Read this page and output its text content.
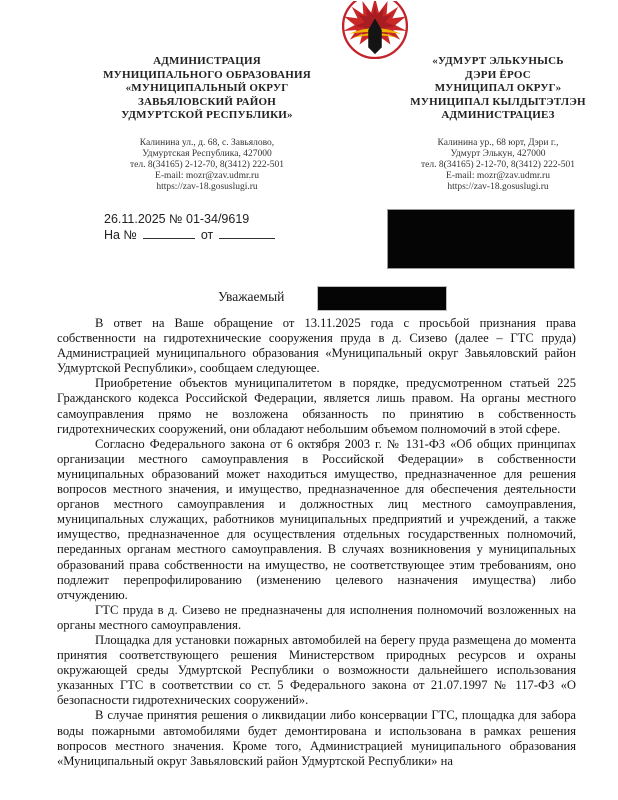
АДМИНИСТРАЦИЯ
МУНИЦИПАЛЬНОГО ОБРАЗОВАНИЯ
«МУНИЦИПАЛЬНЫЙ ОКРУГ
ЗАВЬЯЛОВСКИЙ РАЙОН
УДМУРТСКОЙ РЕСПУБЛИКИ»
«УДМУРТ ЭЛЬКУНЫСЬ
ДЭРИ ЁРОС
МУНИЦИПАЛ ОКРУГ»
МУНИЦИПАЛ КЫЛДЫТЭТЛЭН
АДМИНИСТРАЦИЕЗ
Калинина ул., д. 68, с. Завьялово,
Удмуртская Республика, 427000
тел. 8(34165) 2-12-70, 8(3412) 222-501
E-mail: mozr@zav.udmr.ru
https://zav-18.gosuslugi.ru
Калинина ур., 68 юрт, Дэри г.,
Удмурт Элькун, 427000
тел. 8(34165) 2-12-70, 8(3412) 222-501
E-mail: mozr@zav.udmr.ru
https://zav-18.gosuslugi.ru
26.11.2025 № 01-34/9619
На №	от
Уважаемый

В ответ на Ваше обращение от 13.11.2025 года с просьбой признания права собственности на гидротехнические сооружения пруда в д. Сизево (далее – ГТС пруда) Администрацией муниципального образования «Муниципальный округ Завьяловский район Удмуртской Республики», сообщаем следующее.

Приобретение объектов муниципалитетом в порядке, предусмотренном статьей 225 Гражданского кодекса Российской Федерации, является лишь правом. На органы местного самоуправления прямо не возложена обязанность по принятию в собственность гидротехнических сооружений, они обладают небольшим объемом полномочий в этой сфере.

Согласно Федерального закона от 6 октября 2003 г. № 131-ФЗ «Об общих принципах организации местного самоуправления в Российской Федерации» в собственности муниципальных образований может находиться имущество, предназначенное для решения вопросов местного значения, и имущество, предназначенное для обеспечения деятельности органов местного самоуправления и должностных лиц местного самоуправления, муниципальных служащих, работников муниципальных предприятий и учреждений, а также имущество, предназначенное для осуществления отдельных государственных полномочий, переданных органам местного самоуправления. В случаях возникновения у муниципальных образований права собственности на имущество, не соответствующее этим требованиям, оно подлежит перепрофилированию (изменению целевого назначения имущества) либо отчуждению.

ГТС пруда в д. Сизево не предназначены для исполнения полномочий возложенных на органы местного самоуправления.

Площадка для установки пожарных автомобилей на берегу пруда размещена до момента принятия соответствующего решения Министерством природных ресурсов и охраны окружающей среды Удмуртской Республики о возможности дальнейшего использования указанных ГТС в соответствии со ст. 5 Федерального закона от 21.07.1997 № 117-ФЗ «О безопасности гидротехнических сооружений».

В случае принятия решения о ликвидации либо консервации ГТС, площадка для забора воды пожарными автомобилями будет демонтирована и использована в рамках решения вопросов местного значения. Кроме того, Администрацией муниципального образования «Муниципальный округ Завьяловский район Удмуртской Республики» на
